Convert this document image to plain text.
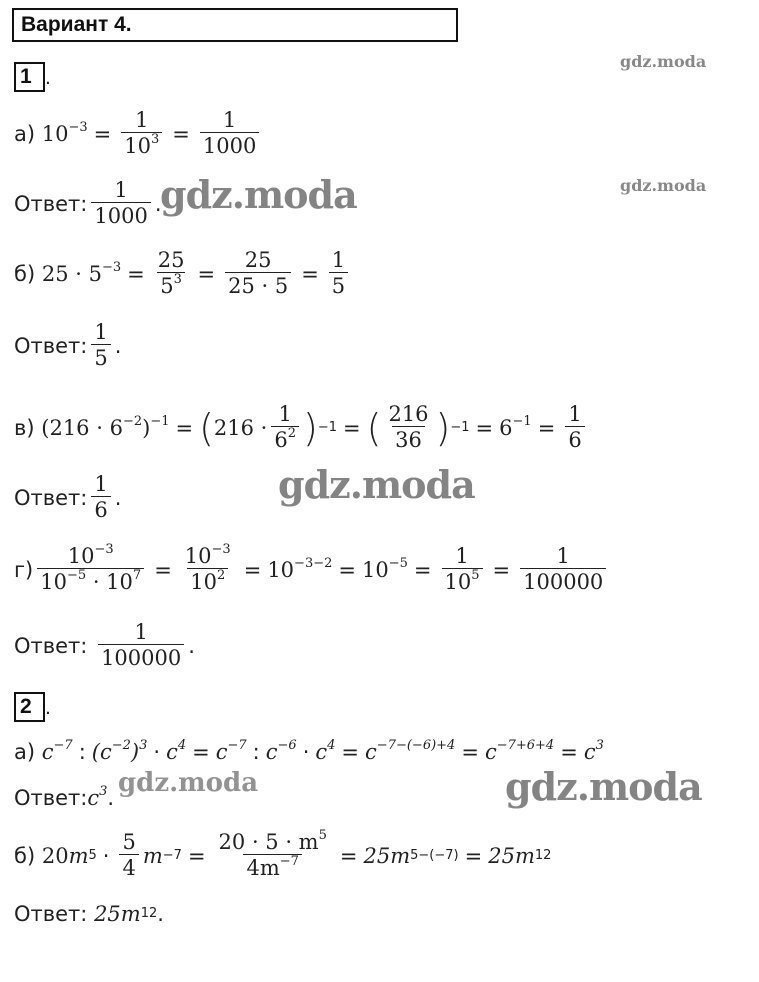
Вариант 4.
1 .
gdz.moda
gdz.moda
а)
$10^{-3} = \frac{1}{10^3} = \frac{1}{1000}$
Ответ: $\frac{1}{1000}$ .
gdz.moda
б)
$25 \cdot 5^{-3} = \frac{25}{5^3} = \frac{25}{25 \cdot 5} = \frac{1}{5}$
Ответ: $\frac{1}{5}$ .
в)
$(216 \cdot 6^{-2})^{-1}$ = ( $216 \cdot \frac{1}{6^2}$ ) −1 = ( $\frac{216}{36}$ ) $-1 = 6^{-1} = \frac{1}{6}$
gdz.moda
Ответ: $\frac{1}{6}$ .
$г) \frac{10^{-3}}{10^{-5} \cdot 10^7} = \frac{10^{-3}}{10^2} = 10^{-3-2} = 10^{-5} = \frac{1}{10^5} = \frac{1}{100000}$
Ответ:
$\frac{1}{100000}$ .
2 .
а)
$c^{-7}$ : ($c^{-2}$ )$^3 \cdot c^4 = c^{-7}$ : $c^{-6} \cdot c^4 = c^{-7-(-6)+4} = c^{-7+6+4} = c^3$
Ответ: $c^3$ . gdz.moda	gdz.moda
б)
20 m $5 \cdot \frac{5}{4}$ $m -7 = \frac{20 \cdot 5 \cdot m^5}{4m^{-7}} = 25m$ 5−(−7) = 25m 12
Ответ:
25m 12 .
